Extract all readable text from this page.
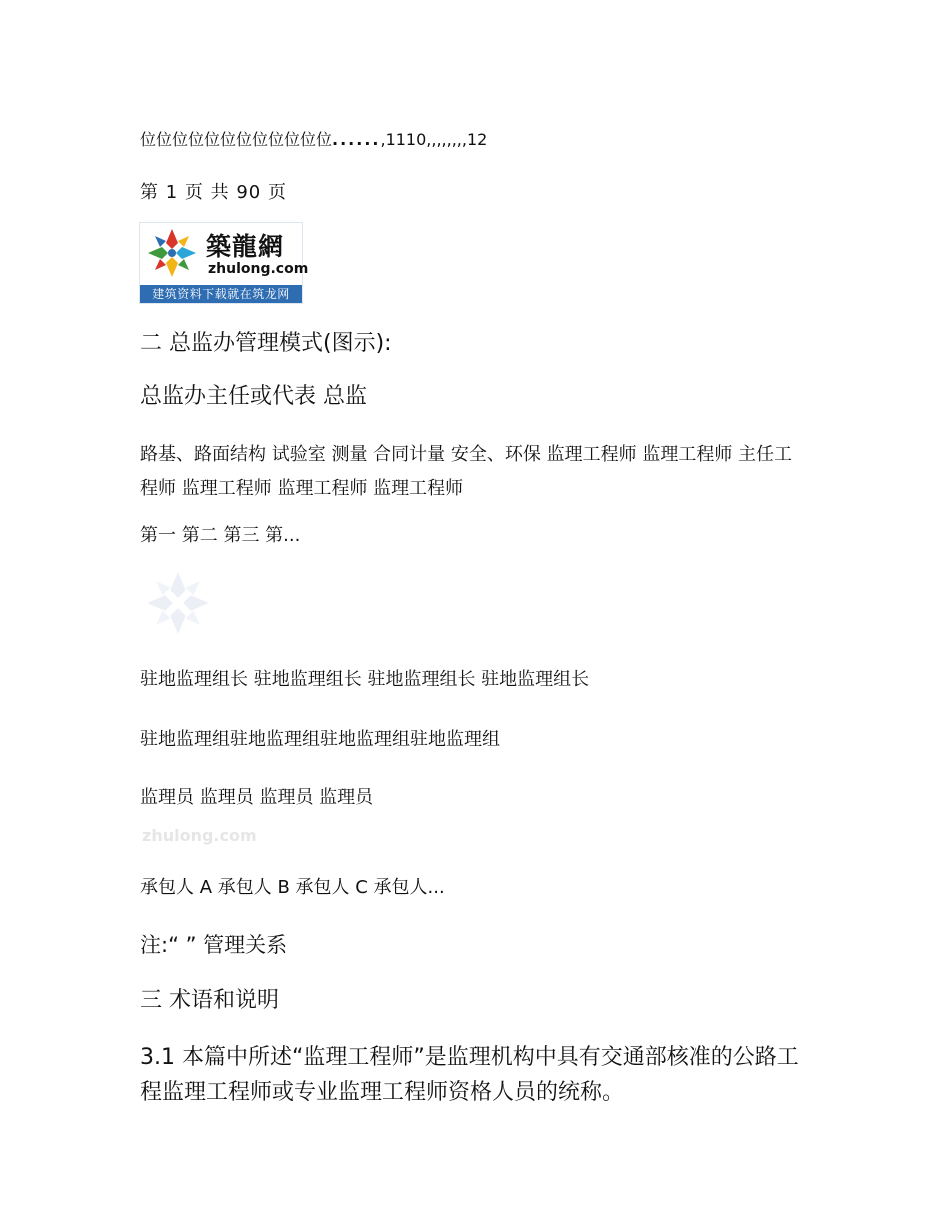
位位位位位位位位位位位位......,1110,,,,,,,,12

第 1 页 共 90 页

築龍網
zhulong.com
建筑资料下载就在筑龙网

二 总监办管理模式(图示):

总监办主任或代表 总监

路基、路面结构 试验室 测量 合同计量 安全、环保 监理工程师 监理工程师 主任工程师 监理工程师 监理工程师 监理工程师

第一 第二 第三 第...

驻地监理组长 驻地监理组长 驻地监理组长 驻地监理组长

驻地监理组驻地监理组驻地监理组驻地监理组

监理员 监理员 监理员 监理员

zhulong.com

承包人 A 承包人 B 承包人 C 承包人...

注:“ ” 管理关系

三 术语和说明

3.1 本篇中所述“监理工程师”是监理机构中具有交通部核准的公路工程监理工程师或专业监理工程师资格人员的统称。
